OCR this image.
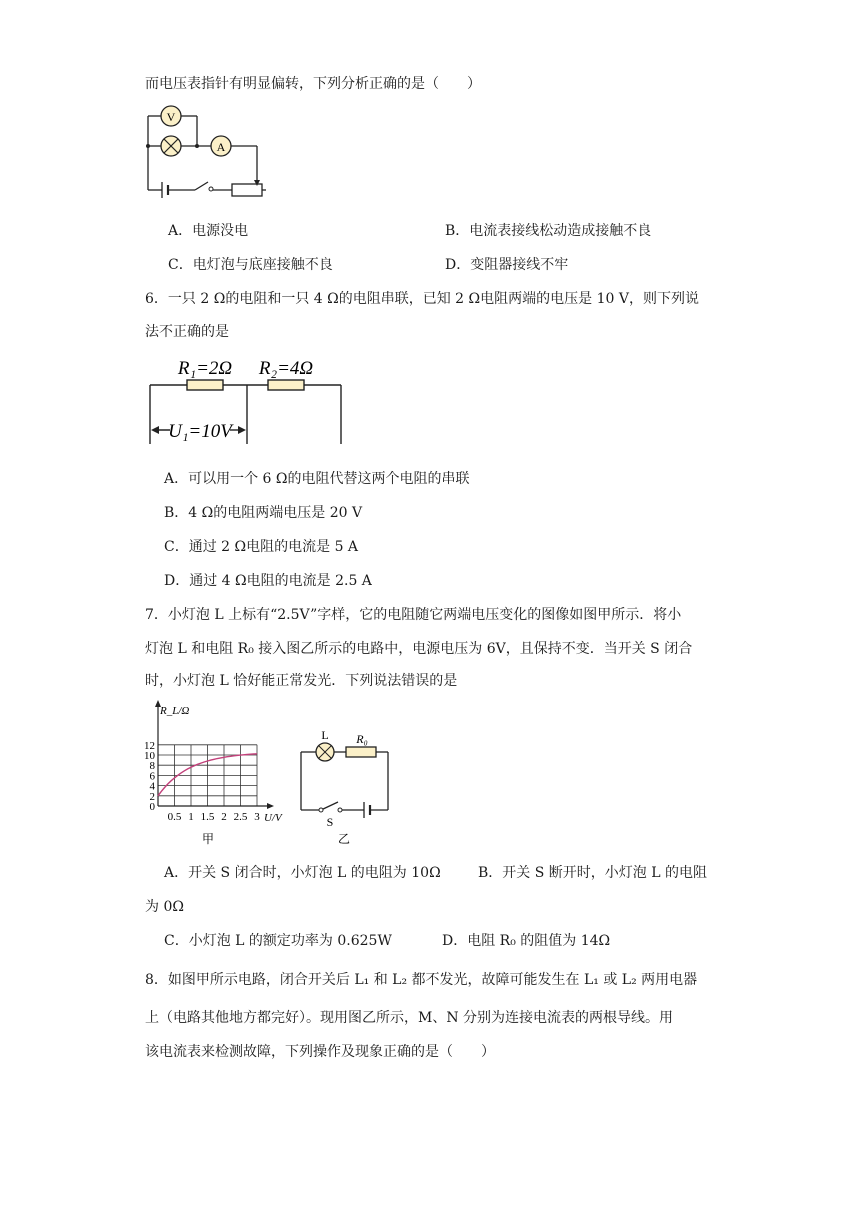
而电压表指针有明显偏转，下列分析正确的是（　　）
V
A
A．电源没电	B．电流表接线松动造成接触不良
C．电灯泡与底座接触不良	D．变阻器接线不牢
6．一只 2 Ω的电阻和一只 4 Ω的电阻串联，已知 2 Ω电阻两端的电压是 10 V，则下列说
法不正确的是
R₁=2Ω R₂=4Ω
U₁=10V
A．可以用一个 6 Ω的电阻代替这两个电阻的串联
B．4 Ω的电阻两端电压是 20 V
C．通过 2 Ω电阻的电流是 5 A
D．通过 4 Ω电阻的电流是 2.5 A
7．小灯泡 L 上标有“2.5V”字样，它的电阻随它两端电压变化的图像如图甲所示．将小
灯泡 L 和电阻 R₀ 接入图乙所示的电路中，电源电压为 6V，且保持不变．当开关 S 闭合
时，小灯泡 L 恰好能正常发光．下列说法错误的是
12
10
8
6
4
2
0
0.5 1 1.5 2 2.5 3
R_L/Ω
U/V
甲
L R₀
S
乙
A．开关 S 闭合时，小灯泡 L 的电阻为 10Ω	B．开关 S 断开时，小灯泡 L 的电阻
为 0Ω
C．小灯泡 L 的额定功率为 0.625W	D．电阻 R₀ 的阻值为 14Ω
8．如图甲所示电路，闭合开关后 L₁ 和 L₂ 都不发光，故障可能发生在 L₁ 或 L₂ 两用电器
上（电路其他地方都完好）。现用图乙所示，M、N 分别为连接电流表的两根导线。用
该电流表来检测故障，下列操作及现象正确的是（　　）
